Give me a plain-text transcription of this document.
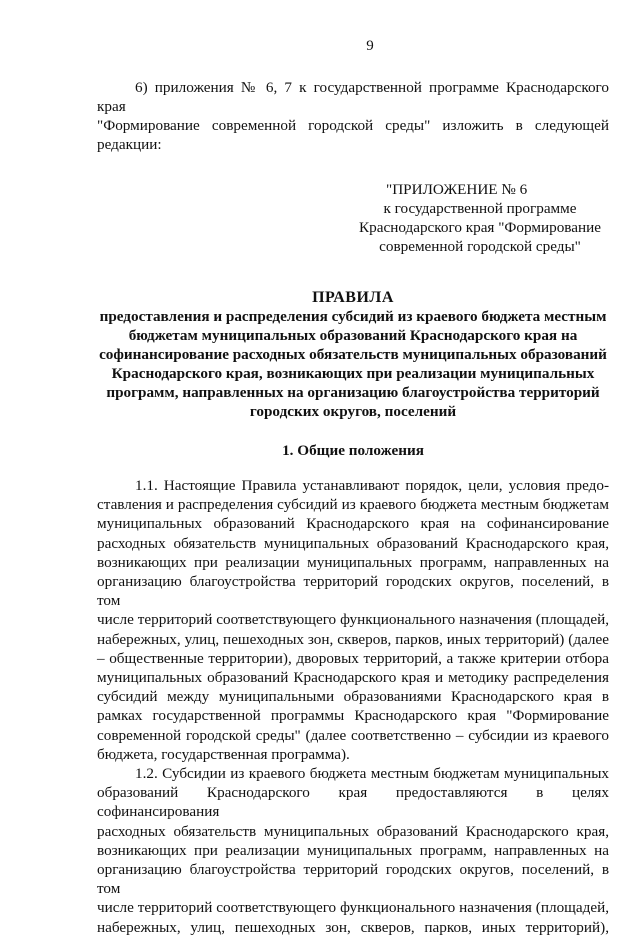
9
6) приложения № 6, 7 к государственной программе Краснодарского края
"Формирование современной городской среды" изложить в следующей
редакции:
"ПРИЛОЖЕНИЕ № 6
к государственной программе
Краснодарского края "Формирование
современной городской среды"
ПРАВИЛА
предоставления и распределения субсидий из краевого бюджета местным
бюджетам муниципальных образований Краснодарского края на
софинансирование расходных обязательств муниципальных образований
Краснодарского края, возникающих при реализации муниципальных
программ, направленных на организацию благоустройства территорий
городских округов, поселений
1. Общие положения
1.1. Настоящие Правила устанавливают порядок, цели, условия предо-
ставления и распределения субсидий из краевого бюджета местным бюджетам
муниципальных образований Краснодарского края на софинансирование
расходных обязательств муниципальных образований Краснодарского края,
возникающих при реализации муниципальных программ, направленных на
организацию благоустройства территорий городских округов, поселений, в том
числе территорий соответствующего функционального назначения (площадей,
набережных, улиц, пешеходных зон, скверов, парков, иных территорий) (далее
– общественные территории), дворовых территорий, а также критерии отбора
муниципальных образований Краснодарского края и методику распределения
субсидий между муниципальными образованиями Краснодарского края в
рамках государственной программы Краснодарского края "Формирование
современной городской среды" (далее соответственно – субсидии из краевого
бюджета, государственная программа).
1.2. Субсидии из краевого бюджета местным бюджетам муниципальных
образований Краснодарского края предоставляются в целях софинансирования
расходных обязательств муниципальных образований Краснодарского края,
возникающих при реализации муниципальных программ, направленных на
организацию благоустройства территорий городских округов, поселений, в том
числе территорий соответствующего функционального назначения (площадей,
набережных, улиц, пешеходных зон, скверов, парков, иных территорий),
